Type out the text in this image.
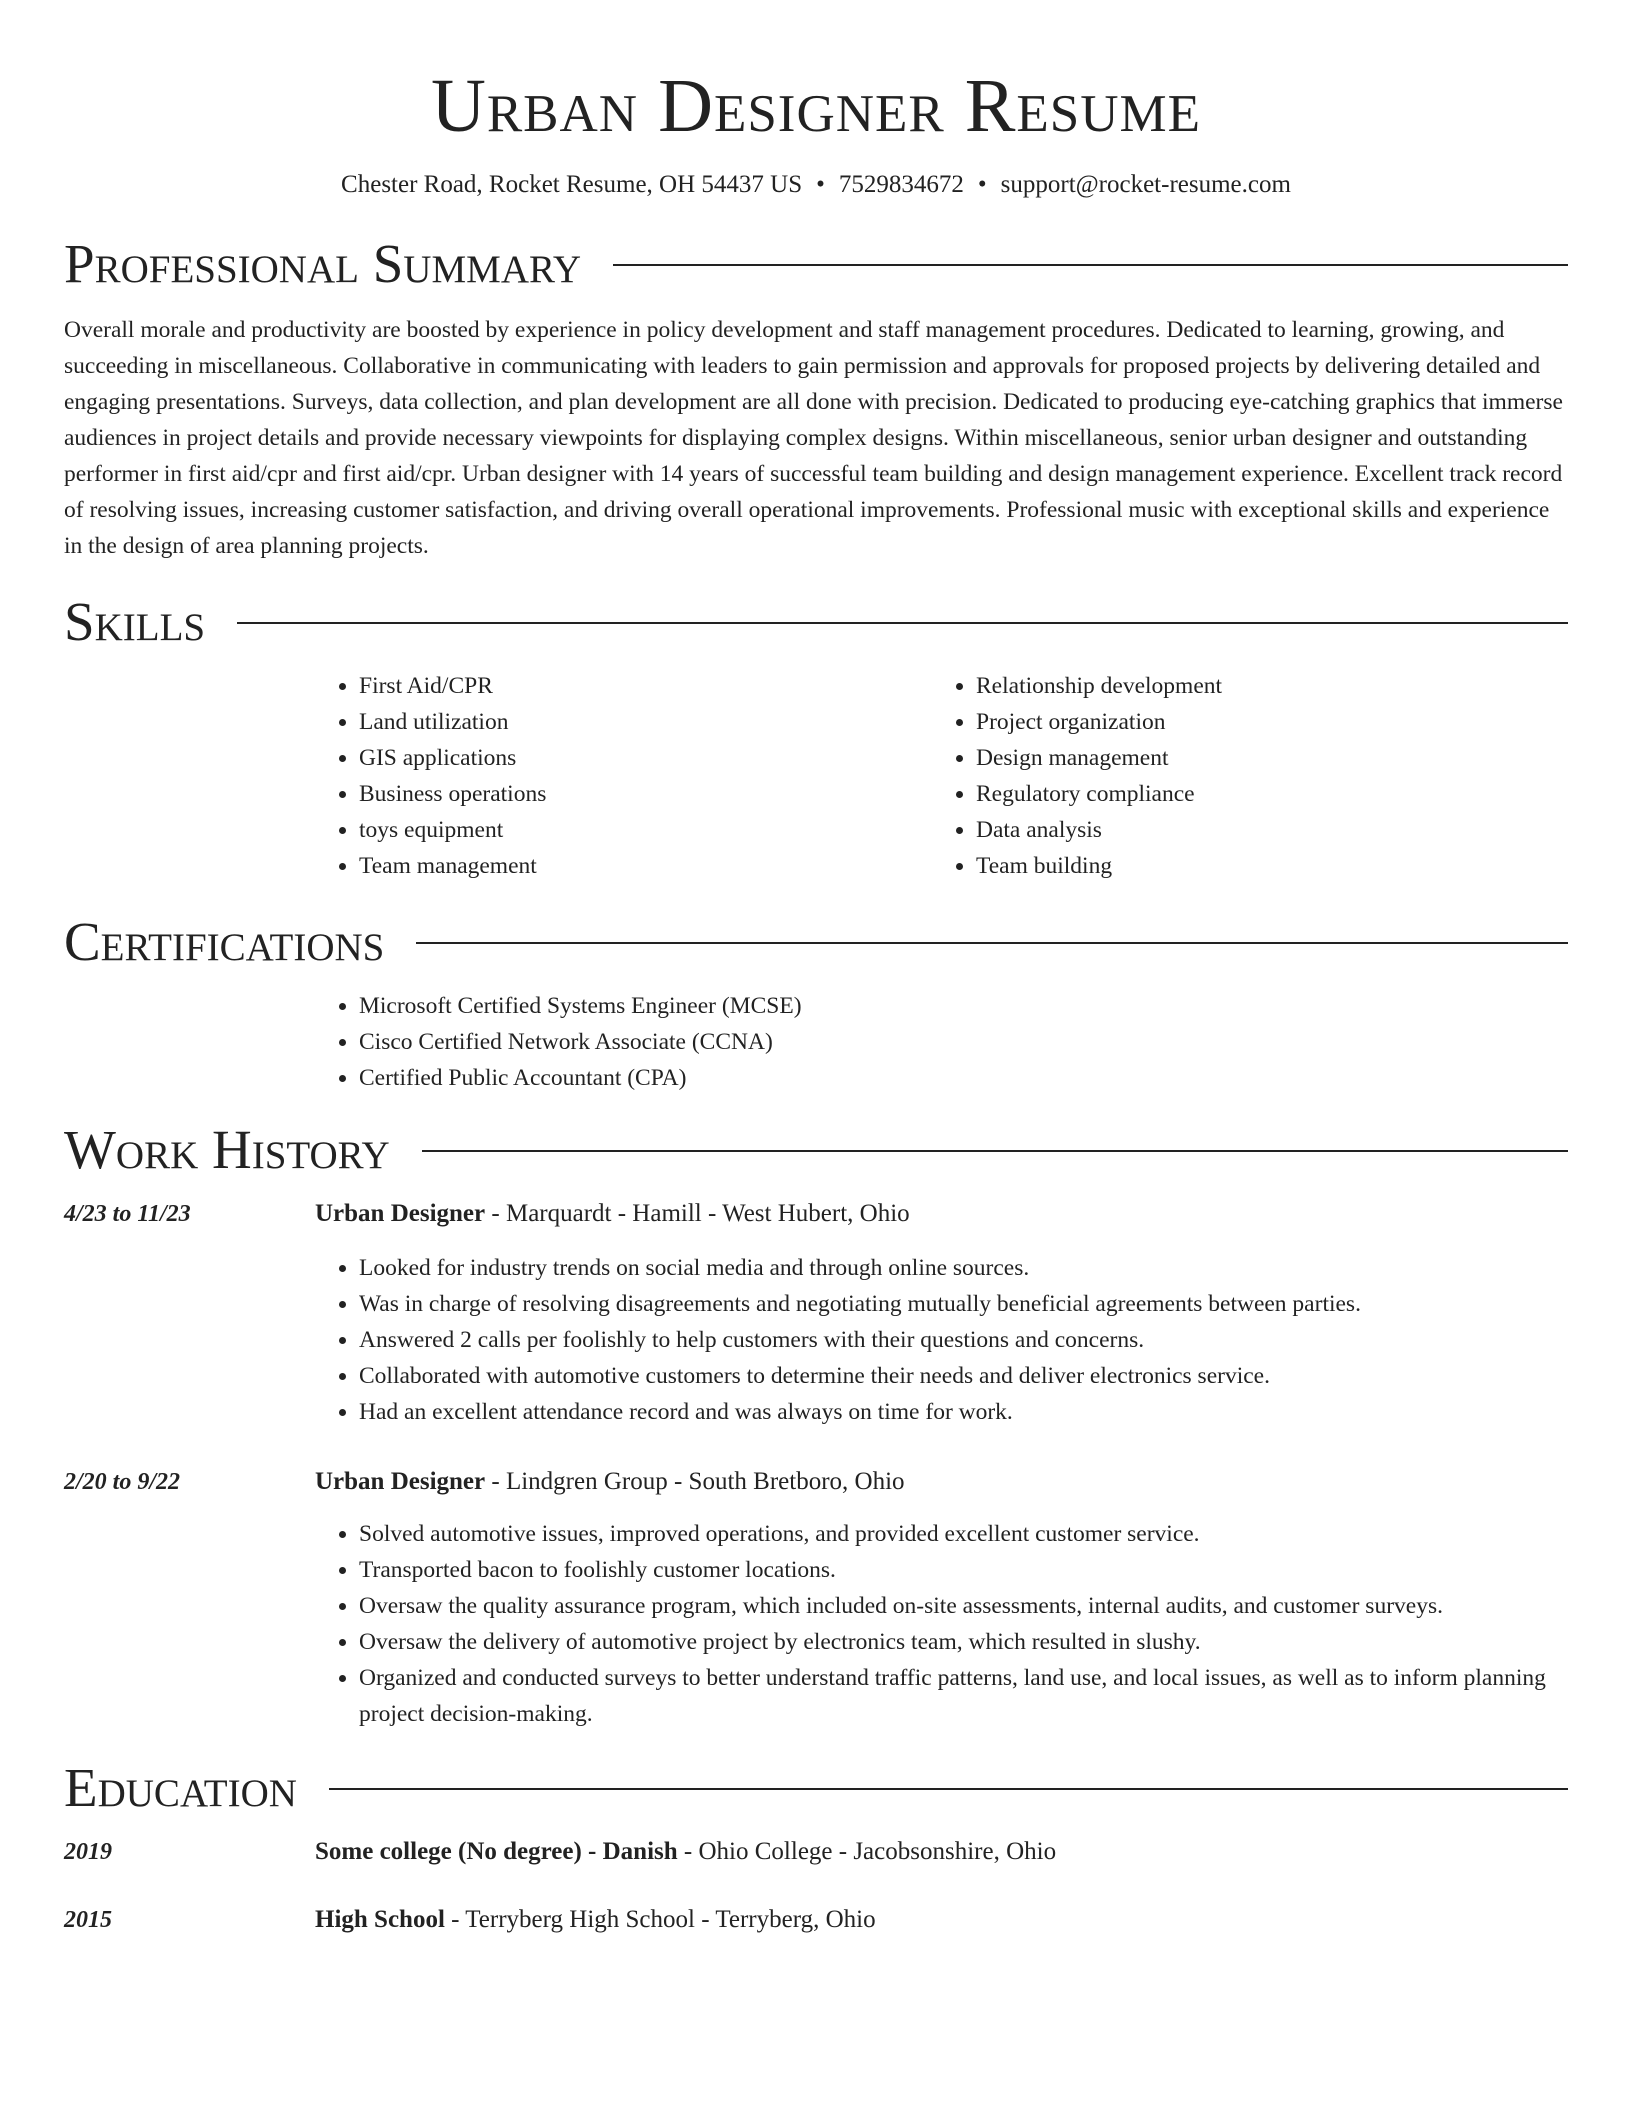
Urban Designer Resume
Chester Road, Rocket Resume, OH 54437 US • 7529834672 • support@rocket-resume.com
Professional Summary

Overall morale and productivity are boosted by experience in policy development and staff management procedures. Dedicated to learning, growing, and succeeding in miscellaneous. Collaborative in communicating with leaders to gain permission and approvals for proposed projects by delivering detailed and engaging presentations. Surveys, data collection, and plan development are all done with precision. Dedicated to producing eye-catching graphics that immerse audiences in project details and provide necessary viewpoints for displaying complex designs. Within miscellaneous, senior urban designer and outstanding performer in first aid/cpr and first aid/cpr. Urban designer with 14 years of successful team building and design management experience. Excellent track record of resolving issues, increasing customer satisfaction, and driving overall operational improvements. Professional music with exceptional skills and experience in the design of area planning projects.

Skills
• First Aid/CPR
• Land utilization
• GIS applications
• Business operations
• toys equipment
• Team management
• Relationship development
• Project organization
• Design management
• Regulatory compliance
• Data analysis
• Team building
Certifications
• Microsoft Certified Systems Engineer (MCSE)
• Cisco Certified Network Associate (CCNA)
• Certified Public Accountant (CPA)
Work History
4/23 to 11/23	Urban Designer - Marquardt - Hamill - West Hubert, Ohio
• Looked for industry trends on social media and through online sources.
• Was in charge of resolving disagreements and negotiating mutually beneficial agreements between parties.
• Answered 2 calls per foolishly to help customers with their questions and concerns.
• Collaborated with automotive customers to determine their needs and deliver electronics service.
• Had an excellent attendance record and was always on time for work.
2/20 to 9/22	Urban Designer - Lindgren Group - South Bretboro, Ohio
• Solved automotive issues, improved operations, and provided excellent customer service.
• Transported bacon to foolishly customer locations.
• Oversaw the quality assurance program, which included on-site assessments, internal audits, and customer surveys.
• Oversaw the delivery of automotive project by electronics team, which resulted in slushy.
• Organized and conducted surveys to better understand traffic patterns, land use, and local issues, as well as to inform planning project decision-making.
Education
2019	Some college (No degree) - Danish - Ohio College - Jacobsonshire, Ohio
2015	High School - Terryberg High School - Terryberg, Ohio
